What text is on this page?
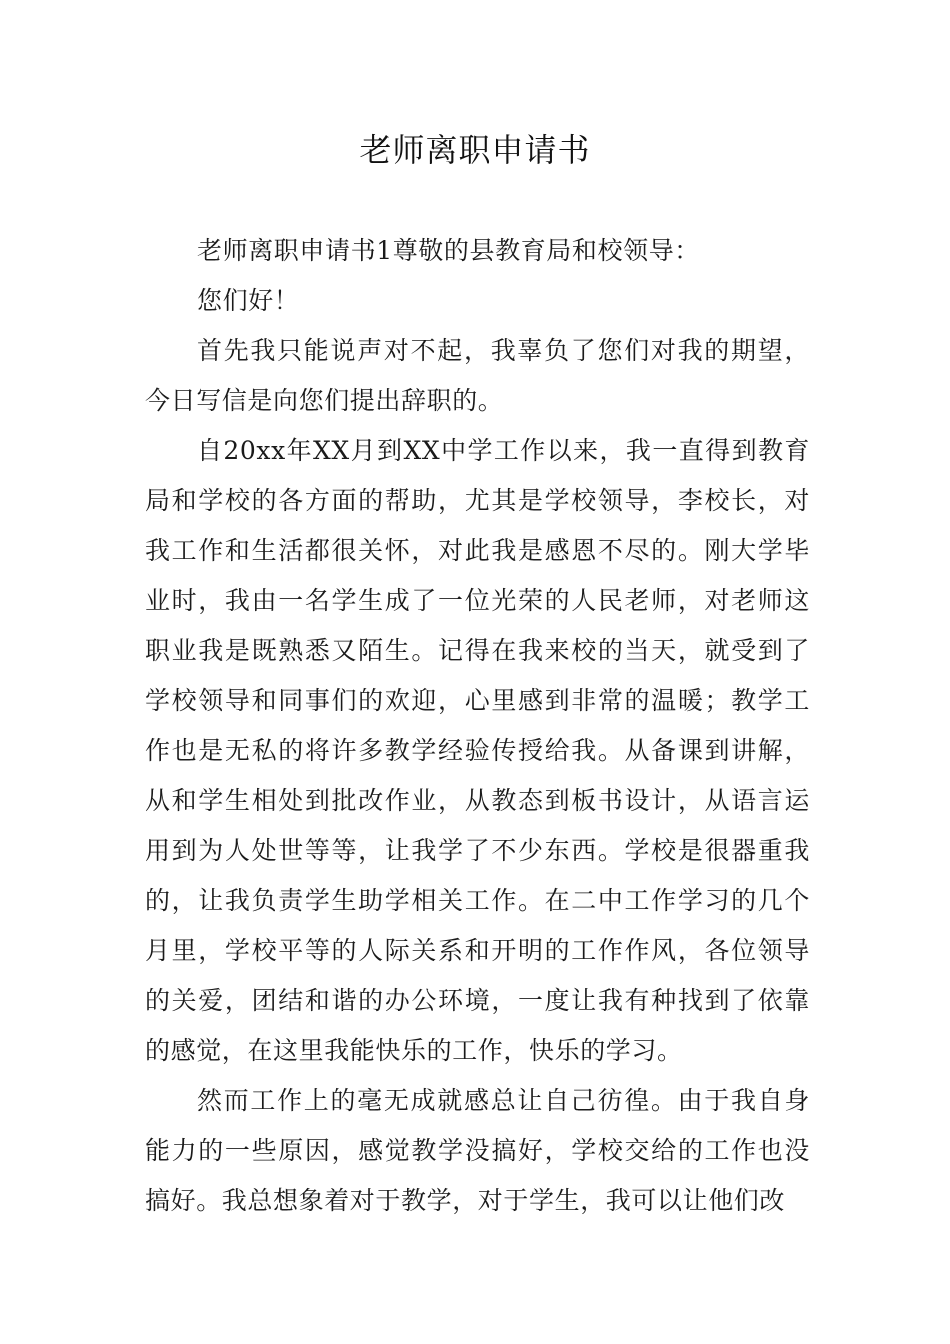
老师离职申请书

老师离职申请书1尊敬的县教育局和校领导：

您们好！

首先我只能说声对不起，我辜负了您们对我的期望，今日写信是向您们提出辞职的。

自20xx年XX月到XX中学工作以来，我一直得到教育局和学校的各方面的帮助，尤其是学校领导，李校长，对我工作和生活都很关怀，对此我是感恩不尽的。刚大学毕业时，我由一名学生成了一位光荣的人民老师，对老师这职业我是既熟悉又陌生。记得在我来校的当天，就受到了学校领导和同事们的欢迎，心里感到非常的温暖；教学工作也是无私的将许多教学经验传授给我。从备课到讲解，从和学生相处到批改作业，从教态到板书设计，从语言运用到为人处世等等，让我学了不少东西。学校是很器重我的，让我负责学生助学相关工作。在二中工作学习的几个月里，学校平等的人际关系和开明的工作作风，各位领导的关爱，团结和谐的办公环境，一度让我有种找到了依靠的感觉，在这里我能快乐的工作，快乐的学习。

然而工作上的毫无成就感总让自己彷徨。由于我自身能力的一些原因，感觉教学没搞好，学校交给的工作也没搞好。我总想象着对于教学，对于学生，我可以让他们改
